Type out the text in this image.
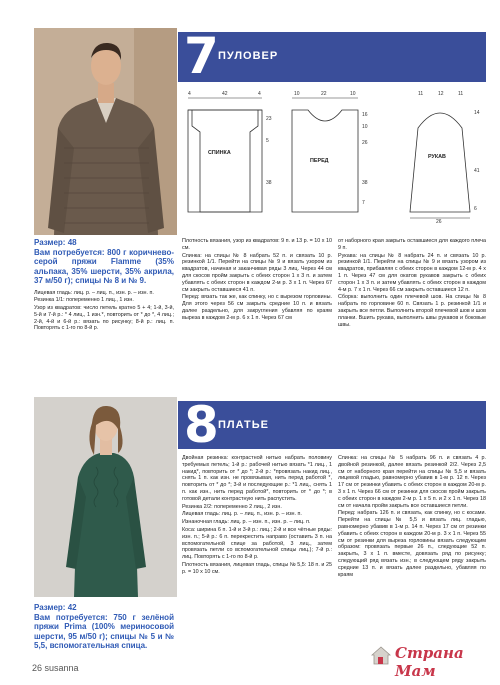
7 ПУЛОВЕР
СПИНКА
ПЕРЕД
РУКАВ
4	42	4
23
5
38
10	22	10
16
10
26
38
7
11	12	11
14
41
6
26
Размер: 48
Вам потребуется: 800 г коричнево-серой пряжи Flamme (35% альпака, 35% шерсти, 35% акрила, 37 м/50 г); спицы № 8 и № 9.

Лицевая гладь: лиц. р. – лиц. п., изн. р. – изн. п.

Резинка 1/1: попеременно 1 лиц., 1 изн.

Узор из квадратов: число петель кратно 5 + 4; 1-й, 3-й, 5-й и 7-й р.: * 4 лиц., 1 изн.*, повторить от * до *, 4 лиц.; 2-й, 4-й и 6-й р.: вязать по рисунку; 8-й р.: лиц. п. Повторять с 1-го по 8-й р.

Плотность вязания, узор из квадратов: 9 п. и 13 р. = 10 х 10 см.

Спинка: на спицы № 8 набрать 52 п. и связать 10 р. резинкой 1/1. Перейти на спицы № 9 и вязать узором из квадратов, начиная и заканчивая ряды 3 лиц. Через 44 см для скосов пройм закрыть с обеих сторон 1 х 3 п. и затем убавлять с обеих сторон в каждом 2-м р. 3 х 1 п. Через 67 см закрыть оставшиеся 41 п.

Перед: вязать так же, как спинку, но с вырезом горловины. Для этого через 56 см закрыть средние 10 п. и вязать далее раздельно, для закругления убавляя по краям выреза в каждом 2-м р. 6 х 1 п. Через 67 см

от наборного края закрыть оставшиеся для каждого плеча 9 п.

Рукава: на спицы № 8 набрать 24 п. и связать 10 р. резинкой 1/1. Перейти на спицы № 9 и вязать узором из квадратов, прибавляя с обеих сторон в каждом 12-м р. 4 х 1 п. Через 47 см для окатов рукавов закрыть с обеих сторон 1 х 3 п. и затем убавлять с обеих сторон в каждом 4-м р. 7 х 1 п. Через 66 см закрыть оставшиеся 12 п.

Сборка: выполнить один плечевой шов. На спицы № 8 набрать по горловине 60 п. Связать 1 р. резинкой 1/1 и закрыть все петли. Выполнить второй плечевой шов и шов планки. Вшить рукава, выполнить швы рукавов и боковые швы.

8 ПЛАТЬЕ
Размер: 42
Вам потребуется: 750 г зелёной пряжи Prima (100% мериносовой шерсти, 95 м/50 г); спицы № 5 и № 5,5, вспомогательная спица.

Двойная резинка: контрастной нитью набрать половину требуемых петель; 1-й р.: рабочей нитью вязать *1 лиц., 1 накид*, повторить от * до *; 2-й р.: *провязать накид лиц., снять 1 п. как изн. не провязывая, нить перед работой *, повторить от * до *; 3-й и последующие р.: *1 лиц., снять 1 п. как изн., нить перед работой*, повторить от * до *; в готовой детали контрастную нить распустить.

Резинка 2/2: попеременно 2 лиц., 2 изн.

Лицевая гладь: лиц. р. – лиц. п., изн. р. – изн. п.

Изнаночная гладь: лиц. р. – изн. п., изн. р. – лиц. п.

Коса: ширина 6 п. 1-й и 3-й р.: лиц.; 2-й и все чётные ряды: изн. п.; 5-й р.: 6 п. перекрестить направо (оставить 3 п. на вспомогательной спице за работой, 3 лиц., затем провязать петли со вспомогательной спицы лиц.); 7-й р.: лиц. Повторять с 1-го по 8-й р.

Плотность вязания, лицевая гладь, спицы № 5,5: 18 п. и 25 р. = 10 х 10 см.

Спинка: на спицы № 5 набрать 96 п. и связать 4 р. двойной резинкой, далее вязать резинкой 2/2. Через 2,5 см от наборного края перейти на спицы № 5,5 и вязать лицевой гладью, равномерно убавив в 1-м р. 12 п. Через 17 см от резинки убавить с обеих сторон в каждом 20-м р. 3 х 1 п. Через 66 см от резинки для скосов пройм закрыть с обеих сторон в каждом 2-м р. 1 х 5 п. и 2 х 1 п. Через 18 см от начала пройм закрыть все оставшиеся петли.

Перед: набрать 126 п. и связать, как спинку, но с косами. Перейти на спицы № 5,5 и вязать лиц. гладью, равномерно убавив в 1-м р. 14 п. Через 17 см от резинки убавить с обеих сторон в каждом 20-м р. 3 х 1 п. Через 55 см от резинки для выреза горловины вязать следующим образом: провязать первые 26 п., следующие 52 п. закрыть, 3 х 1 п. вместе, довязать ряд по рисунку; следующий ряд вязать изн.; в следующем ряду закрыть средние 13 п. и вязать далее раздельно, убавляя по краям

26 susanna
Страна Мам
